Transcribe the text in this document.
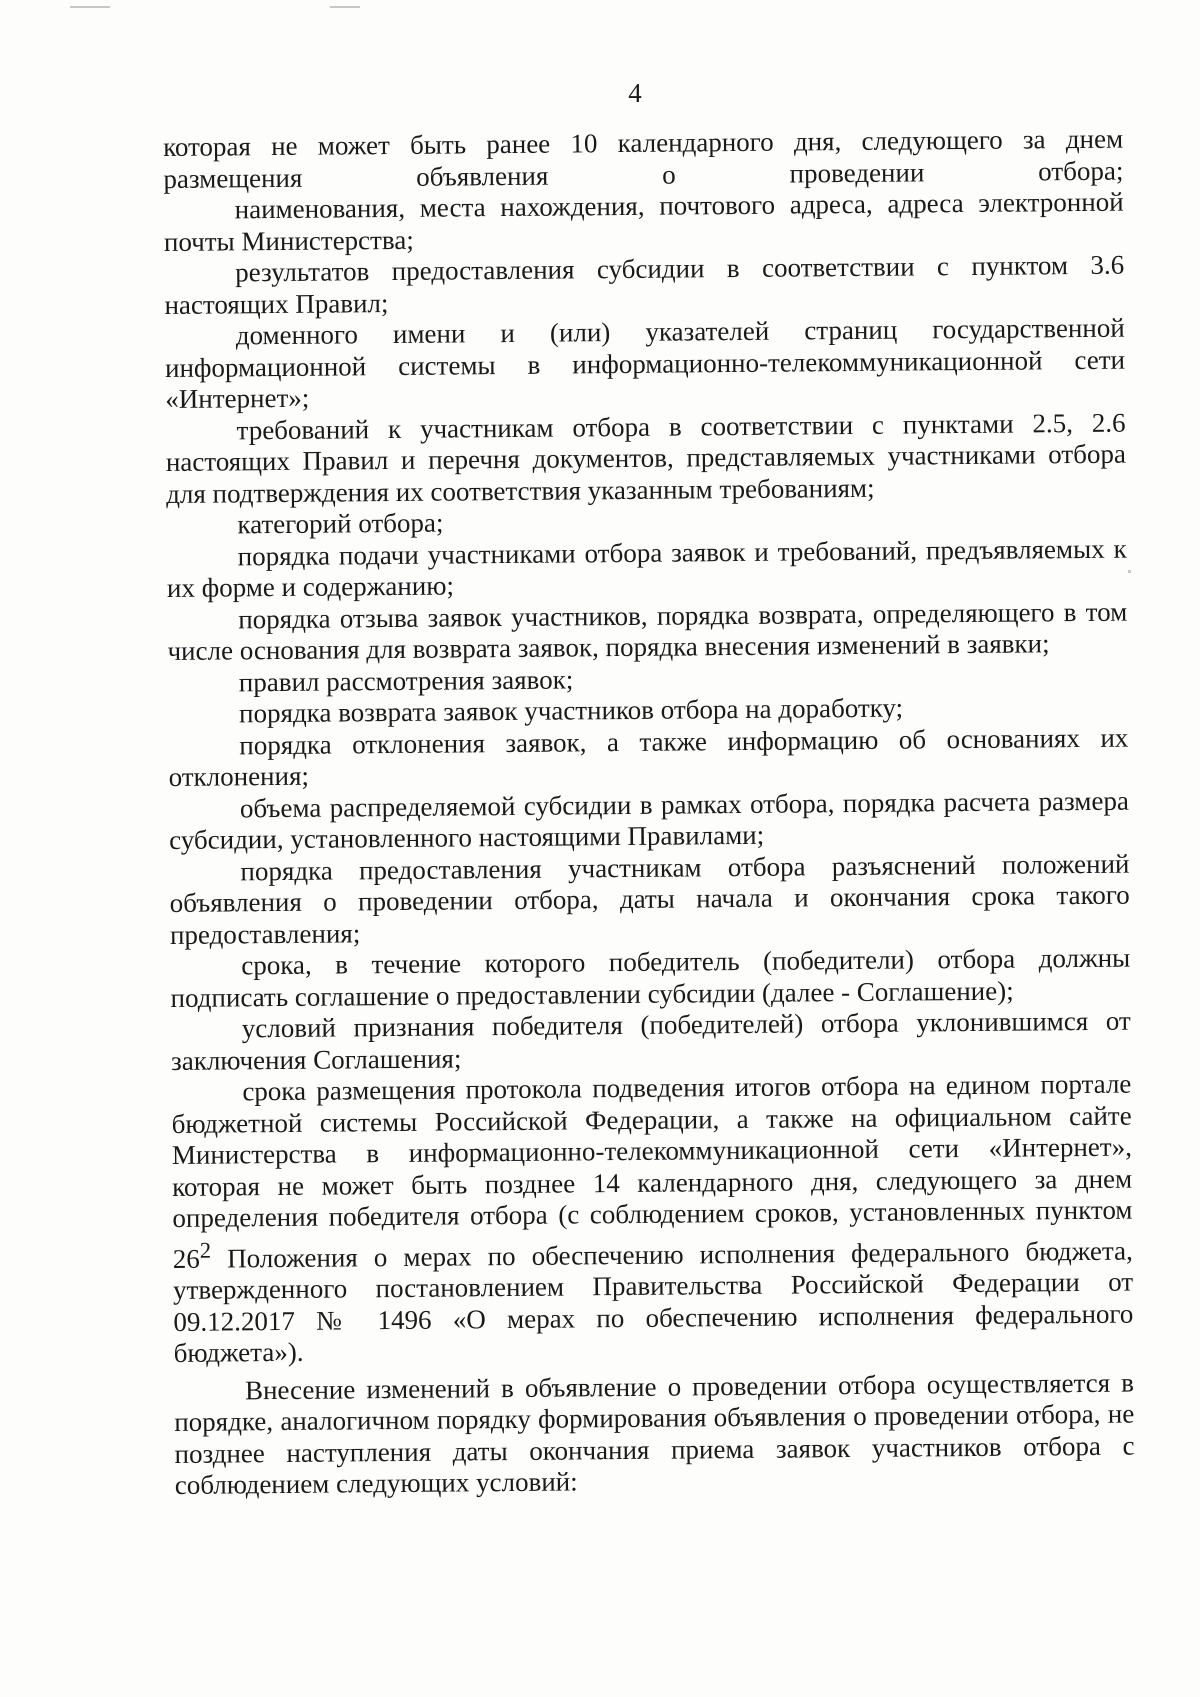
4

которая не может быть ранее 10 календарного дня, следующего за днем размещения объявления о проведении отбора;

наименования, места нахождения, почтового адреса, адреса электронной почты Министерства;

результатов предоставления субсидии в соответствии с пунктом 3.6 настоящих Правил;

доменного имени и (или) указателей страниц государственной информационной системы в информационно-телекоммуникационной сети «Интернет»;

требований к участникам отбора в соответствии с пунктами 2.5, 2.6 настоящих Правил и перечня документов, представляемых участниками отбора для подтверждения их соответствия указанным требованиям;

категорий отбора;

порядка подачи участниками отбора заявок и требований, предъявляемых к их форме и содержанию;

порядка отзыва заявок участников, порядка возврата, определяющего в том числе основания для возврата заявок, порядка внесения изменений в заявки;

правил рассмотрения заявок;

порядка возврата заявок участников отбора на доработку;

порядка отклонения заявок, а также информацию об основаниях их отклонения;

объема распределяемой субсидии в рамках отбора, порядка расчета размера субсидии, установленного настоящими Правилами;

порядка предоставления участникам отбора разъяснений положений объявления о проведении отбора, даты начала и окончания срока такого предоставления;

срока, в течение которого победитель (победители) отбора должны подписать соглашение о предоставлении субсидии (далее - Соглашение);

условий признания победителя (победителей) отбора уклонившимся от заключения Соглашения;

срока размещения протокола подведения итогов отбора на едином портале бюджетной системы Российской Федерации, а также на официальном сайте Министерства в информационно-телекоммуникационной сети «Интернет», которая не может быть позднее 14 календарного дня, следующего за днем определения победителя отбора (с соблюдением сроков, установленных пунктом $26^2$ Положения о мерах по обеспечению исполнения федерального бюджета, утвержденного постановлением Правительства Российской Федерации от 09.12.2017 № 1496 «О мерах по обеспечению исполнения федерального бюджета»).

Внесение изменений в объявление о проведении отбора осуществляется в порядке, аналогичном порядку формирования объявления о проведении отбора, не позднее наступления даты окончания приема заявок участников отбора с соблюдением следующих условий:
